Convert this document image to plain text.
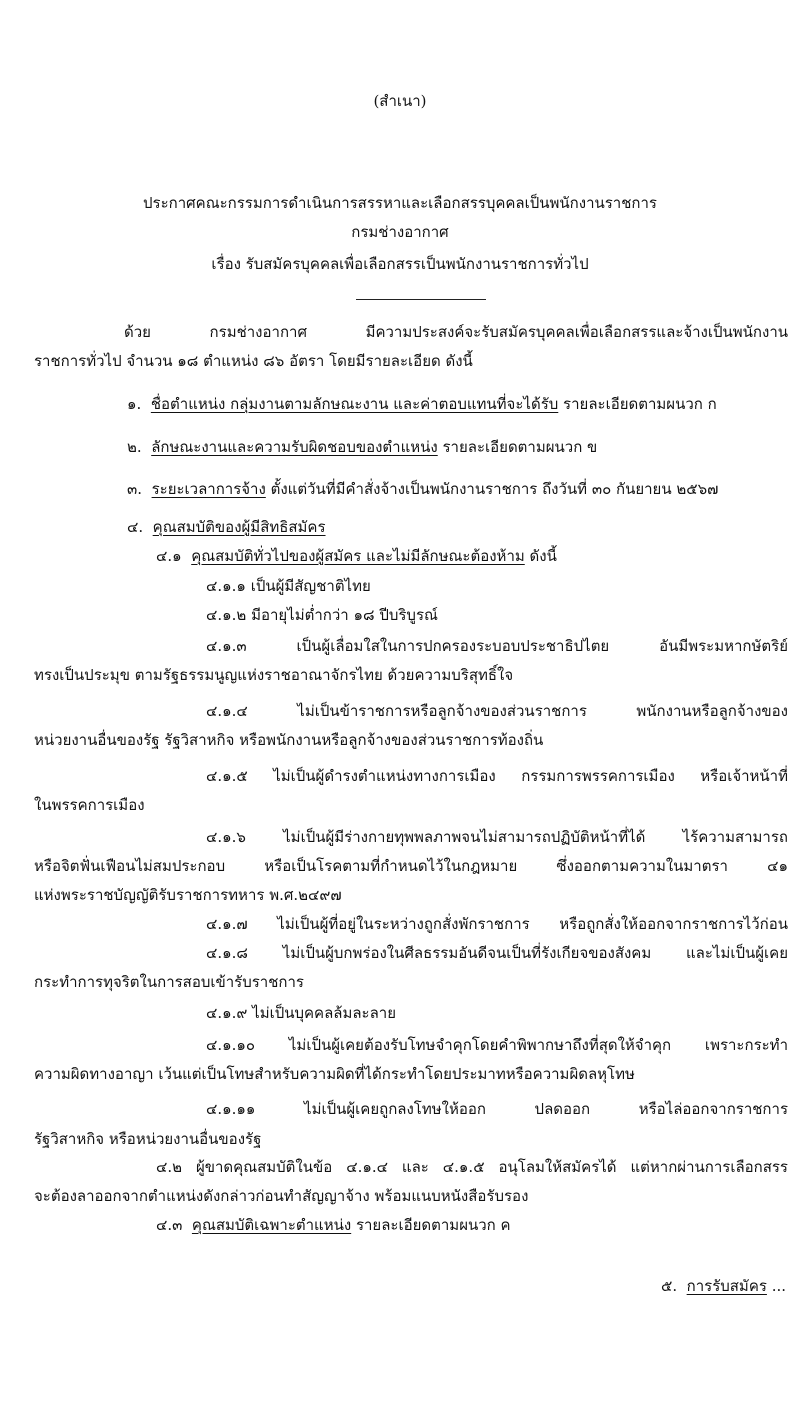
(สำเนา)
ประกาศคณะกรรมการดำเนินการสรรหาและเลือกสรรบุคคลเป็นพนักงานราชการ
กรมช่างอากาศ
เรื่อง รับสมัครบุคคลเพื่อเลือกสรรเป็นพนักงานราชการทั่วไป
ด้วย กรมช่างอากาศ มีความประสงค์จะรับสมัครบุคคลเพื่อเลือกสรรและจ้างเป็นพนักงาน
ราชการทั่วไป จำนวน ๑๘ ตำแหน่ง ๘๖ อัตรา โดยมีรายละเอียด ดังนี้
๑. ชื่อตำแหน่ง กลุ่มงานตามลักษณะงาน และค่าตอบแทนที่จะได้รับ รายละเอียดตามผนวก ก
๒. ลักษณะงานและความรับผิดชอบของตำแหน่ง รายละเอียดตามผนวก ข
๓. ระยะเวลาการจ้าง ตั้งแต่วันที่มีคำสั่งจ้างเป็นพนักงานราชการ ถึงวันที่ ๓๐ กันยายน ๒๕๖๗
๔. คุณสมบัติของผู้มีสิทธิสมัคร
๔.๑ คุณสมบัติทั่วไปของผู้สมัคร และไม่มีลักษณะต้องห้าม ดังนี้
๔.๑.๑ เป็นผู้มีสัญชาติไทย
๔.๑.๒ มีอายุไม่ต่ำกว่า ๑๘ ปีบริบูรณ์
๔.๑.๓ เป็นผู้เลื่อมใสในการปกครองระบอบประชาธิปไตย อันมีพระมหากษัตริย์
ทรงเป็นประมุข ตามรัฐธรรมนูญแห่งราชอาณาจักรไทย ด้วยความบริสุทธิ์ใจ
๔.๑.๔ ไม่เป็นข้าราชการหรือลูกจ้างของส่วนราชการ พนักงานหรือลูกจ้างของ
หน่วยงานอื่นของรัฐ รัฐวิสาหกิจ หรือพนักงานหรือลูกจ้างของส่วนราชการท้องถิ่น
๔.๑.๕ ไม่เป็นผู้ดำรงตำแหน่งทางการเมือง กรรมการพรรคการเมือง หรือเจ้าหน้าที่
ในพรรคการเมือง
๔.๑.๖ ไม่เป็นผู้มีร่างกายทุพพลภาพจนไม่สามารถปฏิบัติหน้าที่ได้ ไร้ความสามารถ
หรือจิตฟั่นเฟือนไม่สมประกอบ หรือเป็นโรคตามที่กำหนดไว้ในกฎหมาย ซึ่งออกตามความในมาตรา ๔๑
แห่งพระราชบัญญัติรับราชการทหาร พ.ศ.๒๔๙๗
๔.๑.๗ ไม่เป็นผู้ที่อยู่ในระหว่างถูกสั่งพักราชการ หรือถูกสั่งให้ออกจากราชการไว้ก่อน
๔.๑.๘ ไม่เป็นผู้บกพร่องในศีลธรรมอันดีจนเป็นที่รังเกียจของสังคม และไม่เป็นผู้เคย
กระทำการทุจริตในการสอบเข้ารับราชการ
๔.๑.๙ ไม่เป็นบุคคลล้มละลาย
๔.๑.๑๐ ไม่เป็นผู้เคยต้องรับโทษจำคุกโดยคำพิพากษาถึงที่สุดให้จำคุก เพราะกระทำ
ความผิดทางอาญา เว้นแต่เป็นโทษสำหรับความผิดที่ได้กระทำโดยประมาทหรือความผิดลหุโทษ
๔.๑.๑๑ ไม่เป็นผู้เคยถูกลงโทษให้ออก ปลดออก หรือไล่ออกจากราชการ
รัฐวิสาหกิจ หรือหน่วยงานอื่นของรัฐ
๔.๒ ผู้ขาดคุณสมบัติในข้อ ๔.๑.๔ และ ๔.๑.๕ อนุโลมให้สมัครได้ แต่หากผ่านการเลือกสรร
จะต้องลาออกจากตำแหน่งดังกล่าวก่อนทำสัญญาจ้าง พร้อมแนบหนังสือรับรอง
๔.๓ คุณสมบัติเฉพาะตำแหน่ง รายละเอียดตามผนวก ค
๕. การรับสมัคร ...
